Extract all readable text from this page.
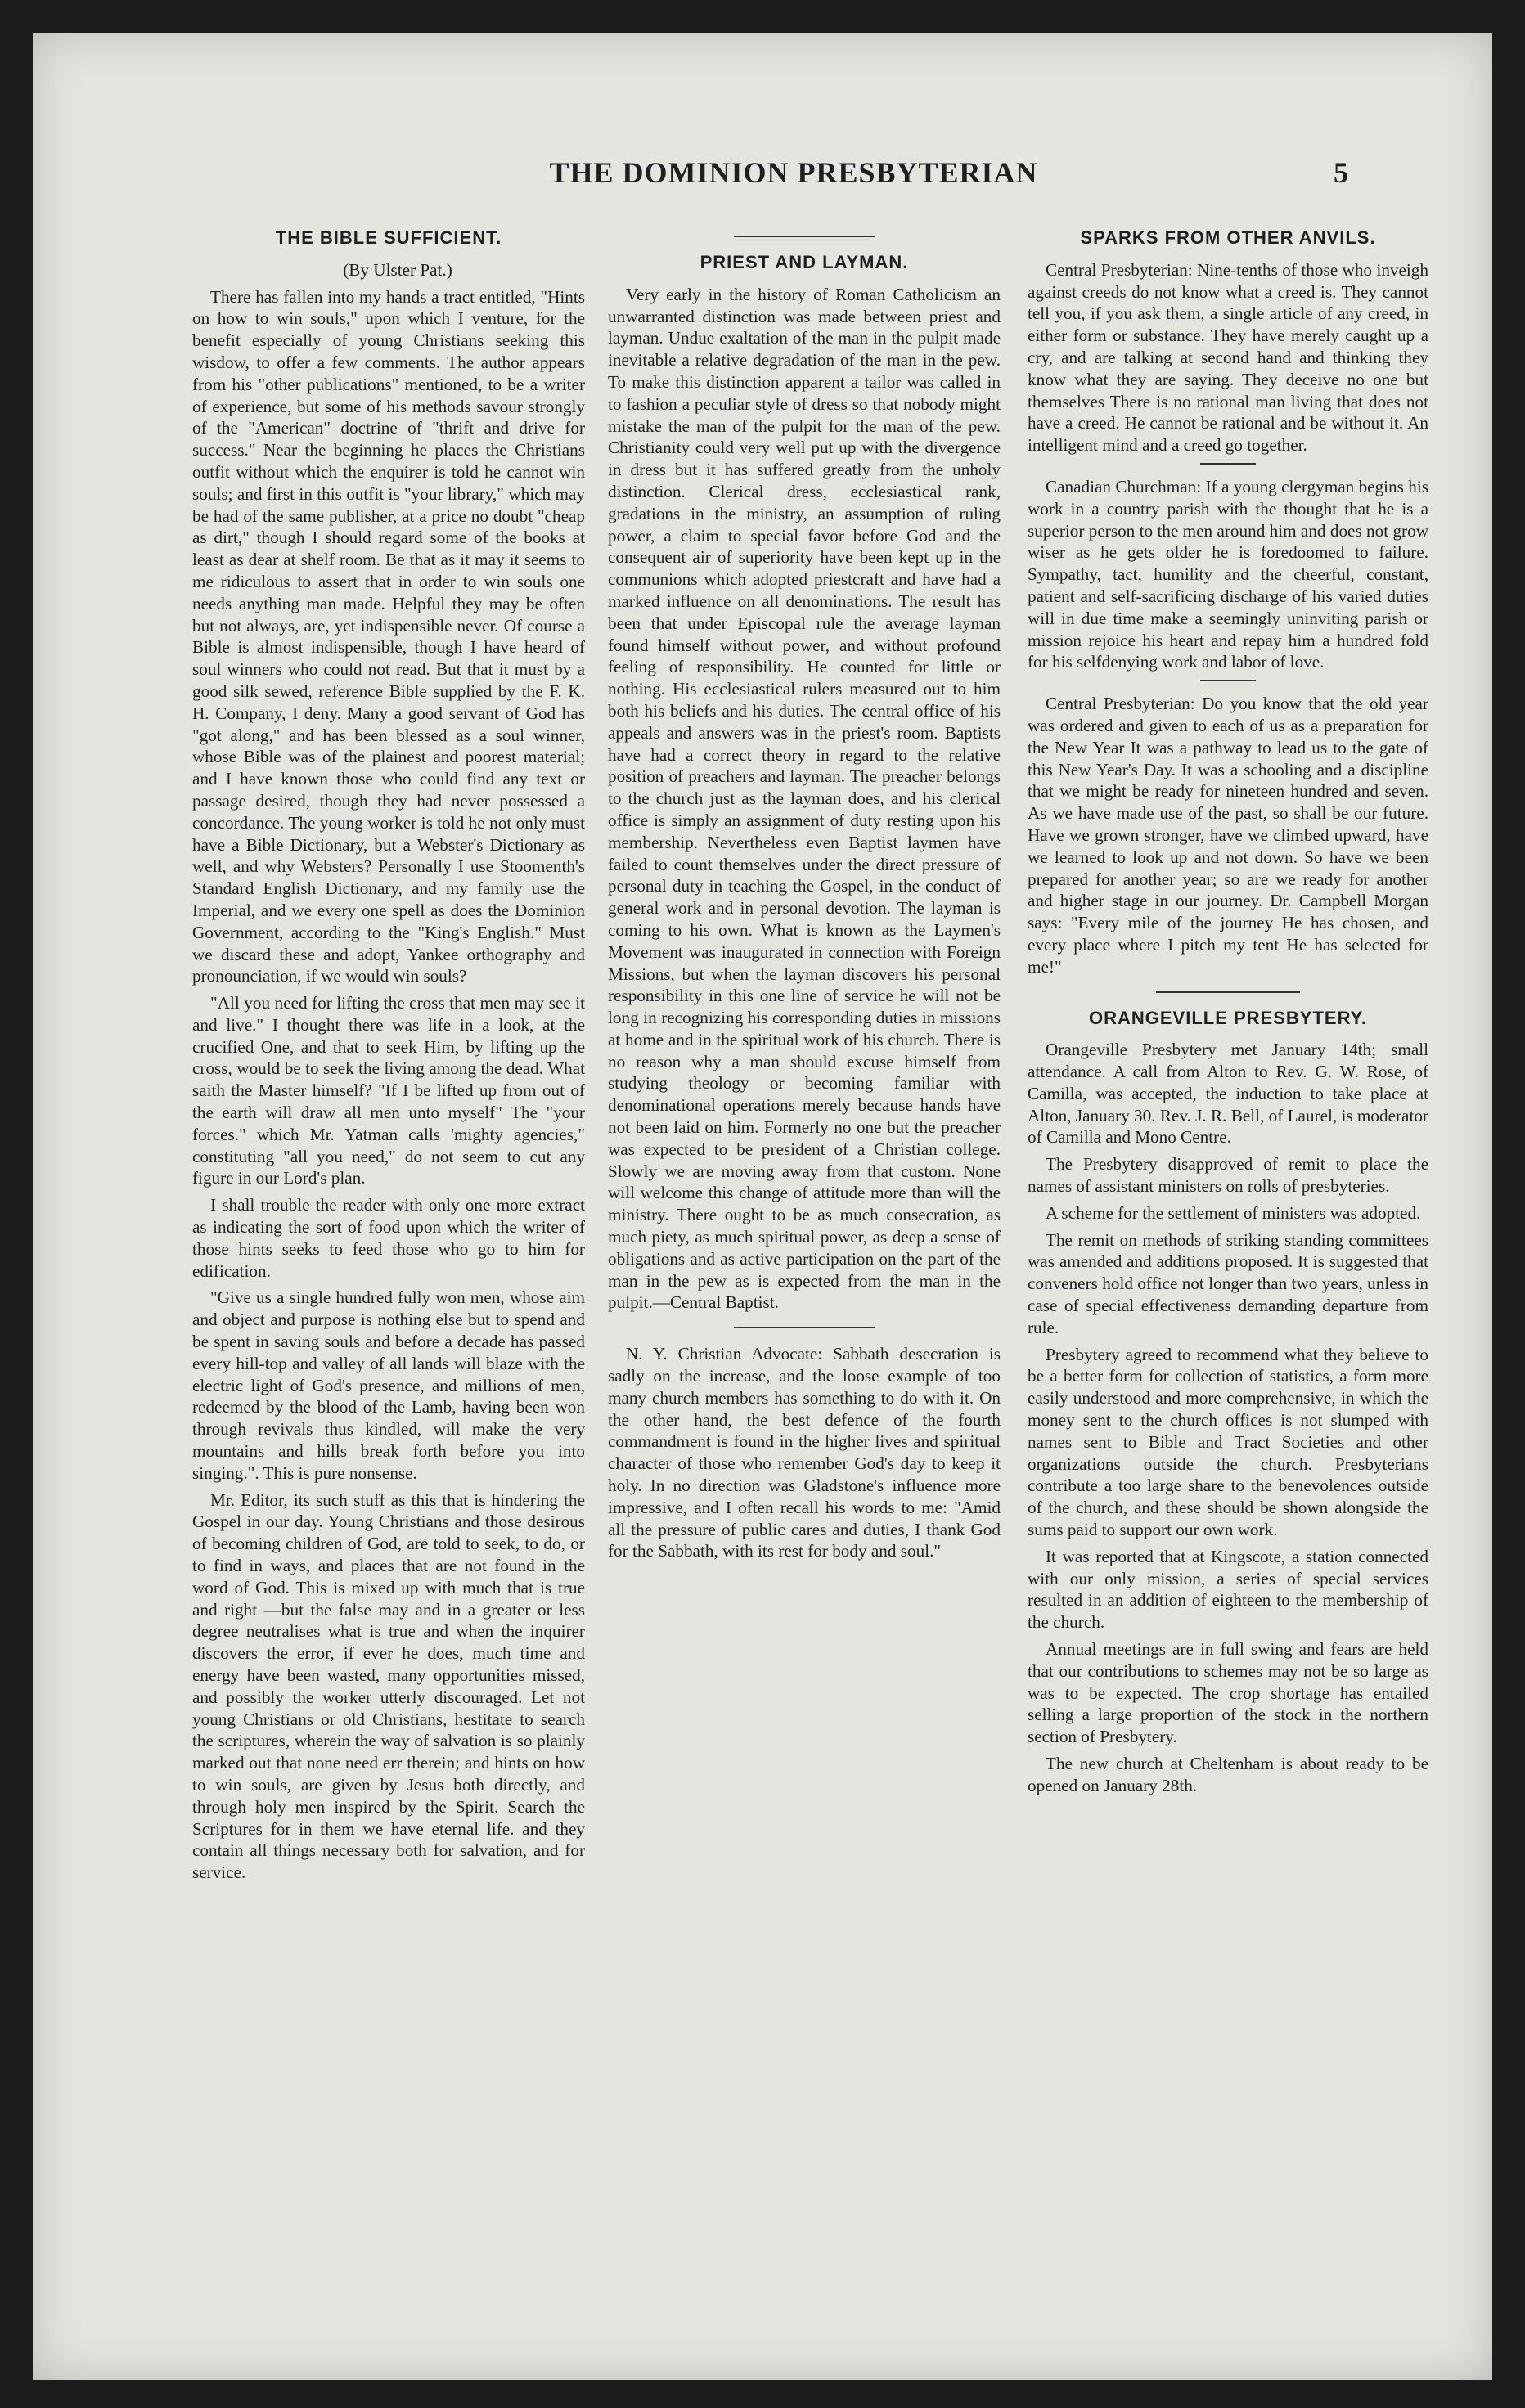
THE DOMINION PRESBYTERIAN	5
THE BIBLE SUFFICIENT.

(By Ulster Pat.)

There has fallen into my hands a tract entitled, "Hints on how to win souls," upon which I venture, for the benefit especially of young Christians seeking this wisdow, to offer a few comments. The author appears from his "other publications" mentioned, to be a writer of experience, but some of his methods savour strongly of the "American" doctrine of "thrift and drive for success." Near the beginning he places the Christians outfit without which the enquirer is told he cannot win souls; and first in this outfit is "your library," which may be had of the same publisher, at a price no doubt "cheap as dirt," though I should regard some of the books at least as dear at shelf room. Be that as it may it seems to me ridiculous to assert that in order to win souls one needs anything man made. Helpful they may be often but not always, are, yet indispensible never. Of course a Bible is almost indispensible, though I have heard of soul winners who could not read. But that it must by a good silk sewed, reference Bible supplied by the F. K. H. Company, I deny. Many a good servant of God has "got along," and has been blessed as a soul winner, whose Bible was of the plainest and poorest material; and I have known those who could find any text or passage desired, though they had never possessed a concordance. The young worker is told he not only must have a Bible Dictionary, but a Webster's Dictionary as well, and why Websters? Personally I use Stoomenth's Standard English Dictionary, and my family use the Imperial, and we every one spell as does the Dominion Government, according to the "King's English." Must we discard these and adopt, Yankee orthography and pronounciation, if we would win souls?

"All you need for lifting the cross that men may see it and live." I thought there was life in a look, at the crucified One, and that to seek Him, by lifting up the cross, would be to seek the living among the dead. What saith the Master himself? "If I be lifted up from out of the earth will draw all men unto myself" The "your forces." which Mr. Yatman calls 'mighty agencies," constituting "all you need," do not seem to cut any figure in our Lord's plan.

I shall trouble the reader with only one more extract as indicating the sort of food upon which the writer of those hints seeks to feed those who go to him for edification.

"Give us a single hundred fully won men, whose aim and object and purpose is nothing else but to spend and be spent in saving souls and before a decade has passed every hill-top and valley of all lands will blaze with the electric light of God's presence, and millions of men, redeemed by the blood of the Lamb, having been won through revivals thus kindled, will make the very mountains and hills break forth before you into singing.". This is pure nonsense.

Mr. Editor, its such stuff as this that is hindering the Gospel in our day. Young Christians and those desirous of becoming children of God, are told to seek, to do, or to find in ways, and places that are not found in the word of God. This is mixed up with much that is true and right —but the false may and in a greater or less degree neutralises what is true and when the inquirer discovers the error, if ever he does, much time and energy have been wasted, many opportunities missed, and possibly the worker utterly discouraged. Let not young Christians or old Christians, hestitate to search the scriptures, wherein the way of salvation is so plainly marked out that none need err therein; and hints on how to win souls, are given by Jesus both directly, and through holy men inspired by the Spirit. Search the Scriptures for in them we have eternal life. and they contain all things necessary both for salvation, and for service.

PRIEST AND LAYMAN.

Very early in the history of Roman Catholicism an unwarranted distinction was made between priest and layman. Undue exaltation of the man in the pulpit made inevitable a relative degradation of the man in the pew. To make this distinction apparent a tailor was called in to fashion a peculiar style of dress so that nobody might mistake the man of the pulpit for the man of the pew. Christianity could very well put up with the divergence in dress but it has suffered greatly from the unholy distinction. Clerical dress, ecclesiastical rank, gradations in the ministry, an assumption of ruling power, a claim to special favor before God and the consequent air of superiority have been kept up in the communions which adopted priestcraft and have had a marked influence on all denominations. The result has been that under Episcopal rule the average layman found himself without power, and without profound feeling of responsibility. He counted for little or nothing. His ecclesiastical rulers measured out to him both his beliefs and his duties. The central office of his appeals and answers was in the priest's room. Baptists have had a correct theory in regard to the relative position of preachers and layman. The preacher belongs to the church just as the layman does, and his clerical office is simply an assignment of duty resting upon his membership. Nevertheless even Baptist laymen have failed to count themselves under the direct pressure of personal duty in teaching the Gospel, in the conduct of general work and in personal devotion. The layman is coming to his own. What is known as the Laymen's Movement was inaugurated in connection with Foreign Missions, but when the layman discovers his personal responsibility in this one line of service he will not be long in recognizing his corresponding duties in missions at home and in the spiritual work of his church. There is no reason why a man should excuse himself from studying theology or becoming familiar with denominational operations merely because hands have not been laid on him. Formerly no one but the preacher was expected to be president of a Christian college. Slowly we are moving away from that custom. None will welcome this change of attitude more than will the ministry. There ought to be as much consecration, as much piety, as much spiritual power, as deep a sense of obligations and as active participation on the part of the man in the pew as is expected from the man in the pulpit.—Central Baptist.

N. Y. Christian Advocate: Sabbath desecration is sadly on the increase, and the loose example of too many church members has something to do with it. On the other hand, the best defence of the fourth commandment is found in the higher lives and spiritual character of those who remember God's day to keep it holy. In no direction was Gladstone's influence more impressive, and I often recall his words to me: "Amid all the pressure of public cares and duties, I thank God for the Sabbath, with its rest for body and soul."

SPARKS FROM OTHER ANVILS.

Central Presbyterian: Nine-tenths of those who inveigh against creeds do not know what a creed is. They cannot tell you, if you ask them, a single article of any creed, in either form or substance. They have merely caught up a cry, and are talking at second hand and thinking they know what they are saying. They deceive no one but themselves There is no rational man living that does not have a creed. He cannot be rational and be without it. An intelligent mind and a creed go together.

Canadian Churchman: If a young clergyman begins his work in a country parish with the thought that he is a superior person to the men around him and does not grow wiser as he gets older he is foredoomed to failure. Sympathy, tact, humility and the cheerful, constant, patient and self-sacrificing discharge of his varied duties will in due time make a seemingly uninviting parish or mission rejoice his heart and repay him a hundred fold for his selfdenying work and labor of love.

Central Presbyterian: Do you know that the old year was ordered and given to each of us as a preparation for the New Year It was a pathway to lead us to the gate of this New Year's Day. It was a schooling and a discipline that we might be ready for nineteen hundred and seven. As we have made use of the past, so shall be our future. Have we grown stronger, have we climbed upward, have we learned to look up and not down. So have we been prepared for another year; so are we ready for another and higher stage in our journey. Dr. Campbell Morgan says: "Every mile of the journey He has chosen, and every place where I pitch my tent He has selected for me!"

ORANGEVILLE PRESBYTERY.

Orangeville Presbytery met January 14th; small attendance. A call from Alton to Rev. G. W. Rose, of Camilla, was accepted, the induction to take place at Alton, January 30. Rev. J. R. Bell, of Laurel, is moderator of Camilla and Mono Centre.

The Presbytery disapproved of remit to place the names of assistant ministers on rolls of presbyteries.

A scheme for the settlement of ministers was adopted.

The remit on methods of striking standing committees was amended and additions proposed. It is suggested that conveners hold office not longer than two years, unless in case of special effectiveness demanding departure from rule.

Presbytery agreed to recommend what they believe to be a better form for collection of statistics, a form more easily understood and more comprehensive, in which the money sent to the church offices is not slumped with names sent to Bible and Tract Societies and other organizations outside the church. Presbyterians contribute a too large share to the benevolences outside of the church, and these should be shown alongside the sums paid to support our own work.

It was reported that at Kingscote, a station connected with our only mission, a series of special services resulted in an addition of eighteen to the membership of the church.

Annual meetings are in full swing and fears are held that our contributions to schemes may not be so large as was to be expected. The crop shortage has entailed selling a large proportion of the stock in the northern section of Presbytery.

The new church at Cheltenham is about ready to be opened on January 28th.
